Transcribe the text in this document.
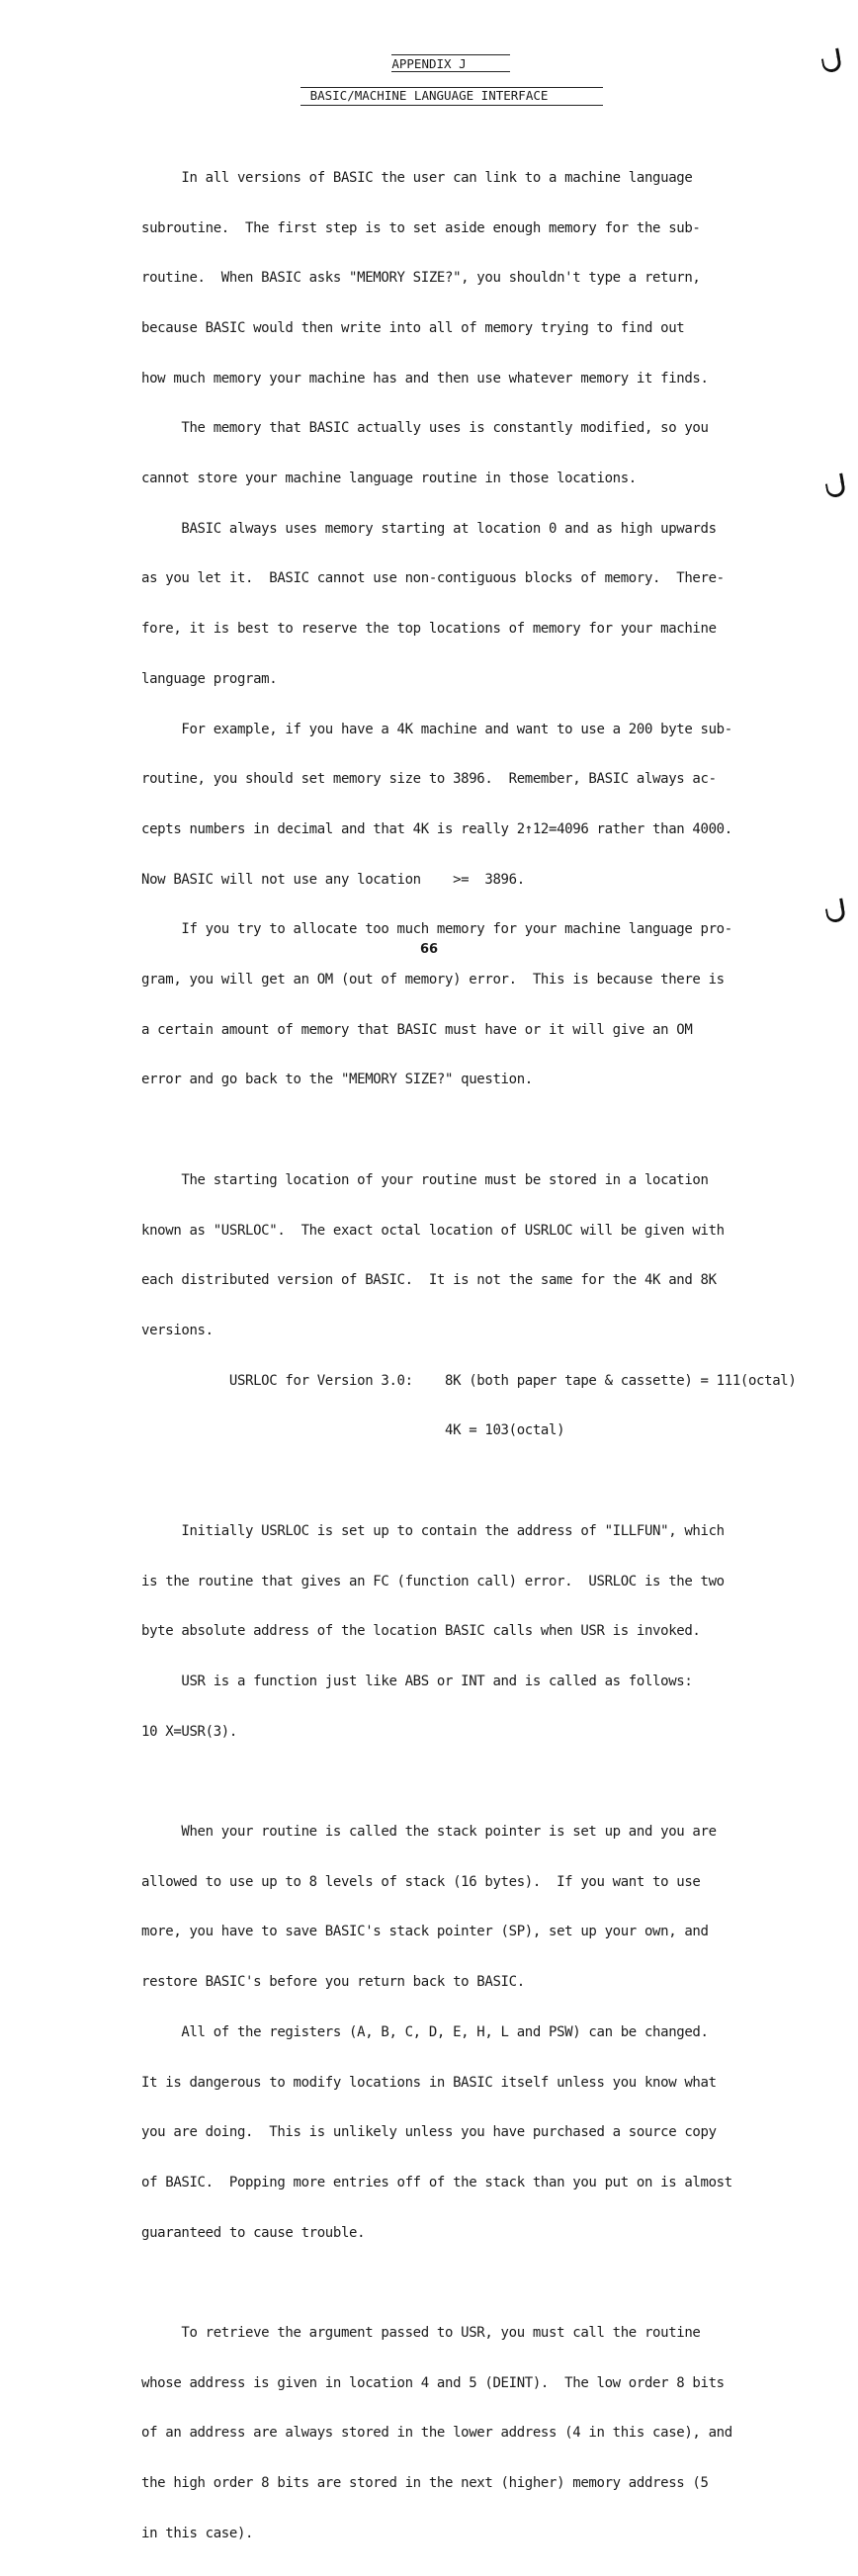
APPENDIX J
BASIC/MACHINE LANGUAGE INTERFACE

In all versions of BASIC the user can link to a machine language

subroutine.  The first step is to set aside enough memory for the sub-

routine.  When BASIC asks "MEMORY SIZE?", you shouldn't type a return,

because BASIC would then write into all of memory trying to find out

how much memory your machine has and then use whatever memory it finds.

The memory that BASIC actually uses is constantly modified, so you

cannot store your machine language routine in those locations.

BASIC always uses memory starting at location 0 and as high upwards

as you let it.  BASIC cannot use non-contiguous blocks of memory.  There-

fore, it is best to reserve the top locations of memory for your machine

language program.

For example, if you have a 4K machine and want to use a 200 byte sub-

routine, you should set memory size to 3896.  Remember, BASIC always ac-

cepts numbers in decimal and that 4K is really 2↑12=4096 rather than 4000.

Now BASIC will not use any location    >=  3896.

If you try to allocate too much memory for your machine language pro-

gram, you will get an OM (out of memory) error.  This is because there is

a certain amount of memory that BASIC must have or it will give an OM

error and go back to the "MEMORY SIZE?" question.

The starting location of your routine must be stored in a location

known as "USRLOC".  The exact octal location of USRLOC will be given with

each distributed version of BASIC.  It is not the same for the 4K and 8K

versions.

USRLOC for Version 3.0:    8K (both paper tape & cassette) = 111(octal)

4K = 103(octal)

Initially USRLOC is set up to contain the address of "ILLFUN", which

is the routine that gives an FC (function call) error.  USRLOC is the two

byte absolute address of the location BASIC calls when USR is invoked.

USR is a function just like ABS or INT and is called as follows:

10 X=USR(3).

When your routine is called the stack pointer is set up and you are

allowed to use up to 8 levels of stack (16 bytes).  If you want to use

more, you have to save BASIC's stack pointer (SP), set up your own, and

restore BASIC's before you return back to BASIC.

All of the registers (A, B, C, D, E, H, L and PSW) can be changed.

It is dangerous to modify locations in BASIC itself unless you know what

you are doing.  This is unlikely unless you have purchased a source copy

of BASIC.  Popping more entries off of the stack than you put on is almost

guaranteed to cause trouble.

To retrieve the argument passed to USR, you must call the routine

whose address is given in location 4 and 5 (DEINT).  The low order 8 bits

of an address are always stored in the lower address (4 in this case), and

the high order 8 bits are stored in the next (higher) memory address (5

in this case).

66
